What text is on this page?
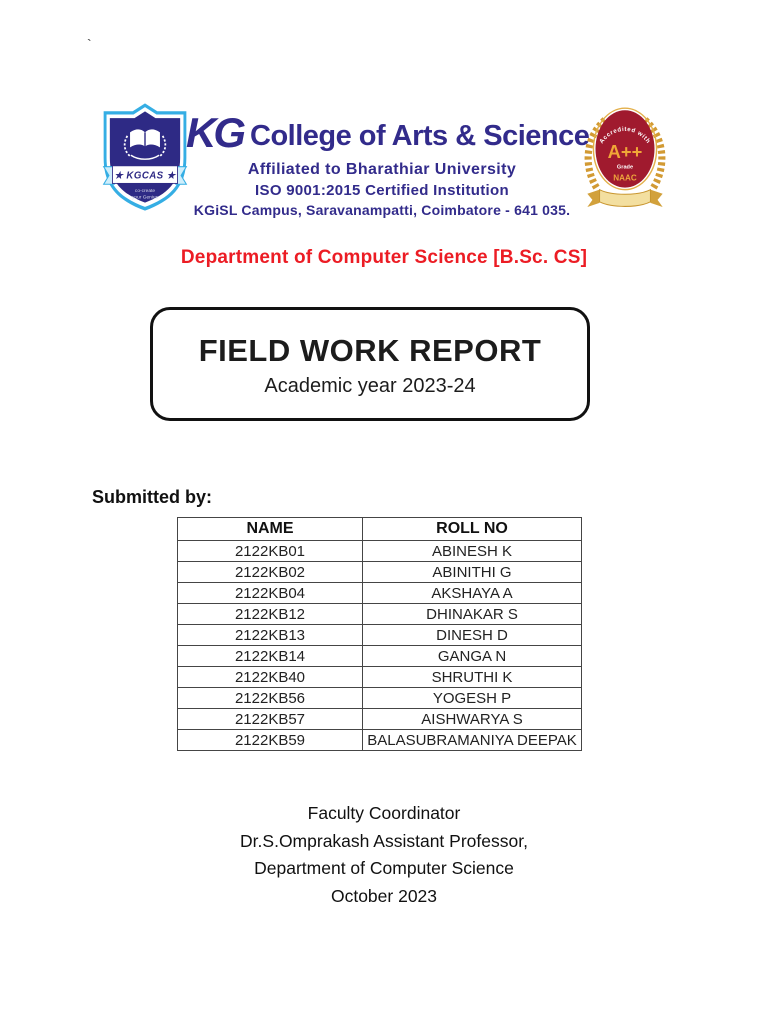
`
★ KGCAS ★
co-create
your Genius
KG College of Arts & Science
Affiliated to Bharathiar University
ISO 9001:2015 Certified Institution
KGiSL Campus, Saravanampatti, Coimbatore - 641 035.
Accredited with
A++
Grade
NAAC
Department of Computer Science [B.Sc. CS]
FIELD WORK REPORT
Academic year 2023-24
Submitted by:
NAME	ROLL NO
2122KB01	ABINESH K
2122KB02	ABINITHI G
2122KB04	AKSHAYA A
2122KB12	DHINAKAR S
2122KB13	DINESH D
2122KB14	GANGA N
2122KB40	SHRUTHI K
2122KB56	YOGESH P
2122KB57	AISHWARYA S
2122KB59	BALASUBRAMANIYA DEEPAK
Faculty Coordinator
Dr.S.Omprakash Assistant Professor,
Department of Computer Science
October 2023
